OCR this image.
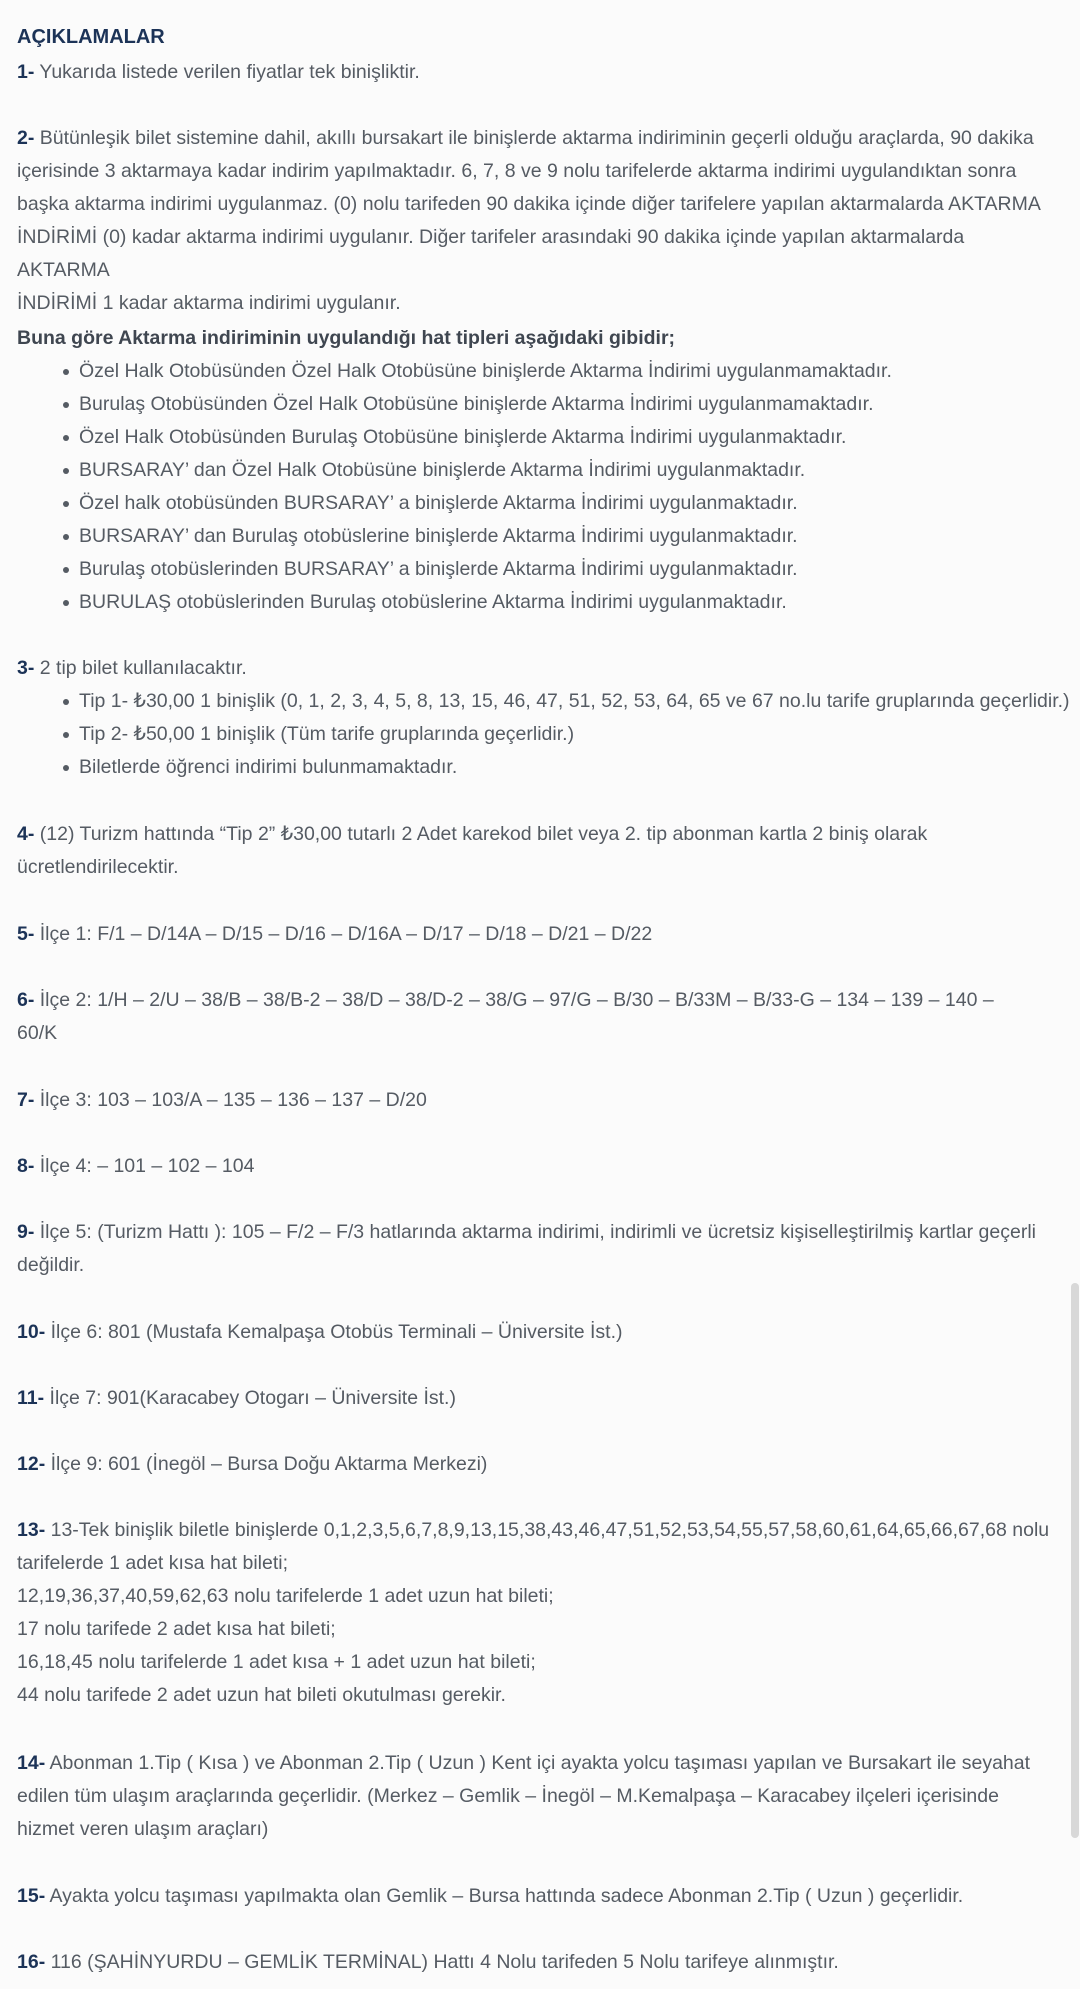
AÇIKLAMALAR
1- Yukarıda listede verilen fiyatlar tek binişliktir.
2- Bütünleşik bilet sistemine dahil, akıllı bursakart ile binişlerde aktarma indiriminin geçerli olduğu araçlarda, 90 dakika
içerisinde 3 aktarmaya kadar indirim yapılmaktadır. 6, 7, 8 ve 9 nolu tarifelerde aktarma indirimi uygulandıktan sonra
başka aktarma indirimi uygulanmaz. (0) nolu tarifeden 90 dakika içinde diğer tarifelere yapılan aktarmalarda AKTARMA
İNDİRİMİ (0) kadar aktarma indirimi uygulanır. Diğer tarifeler arasındaki 90 dakika içinde yapılan aktarmalarda AKTARMA
İNDİRİMİ 1 kadar aktarma indirimi uygulanır.
Buna göre Aktarma indiriminin uygulandığı hat tipleri aşağıdaki gibidir;
Özel Halk Otobüsünden Özel Halk Otobüsüne binişlerde Aktarma İndirimi uygulanmamaktadır.
Burulaş Otobüsünden Özel Halk Otobüsüne binişlerde Aktarma İndirimi uygulanmamaktadır.
Özel Halk Otobüsünden Burulaş Otobüsüne binişlerde Aktarma İndirimi uygulanmaktadır.
BURSARAY’ dan Özel Halk Otobüsüne binişlerde Aktarma İndirimi uygulanmaktadır.
Özel halk otobüsünden BURSARAY’ a binişlerde Aktarma İndirimi uygulanmaktadır.
BURSARAY’ dan Burulaş otobüslerine binişlerde Aktarma İndirimi uygulanmaktadır.
Burulaş otobüslerinden BURSARAY’ a binişlerde Aktarma İndirimi uygulanmaktadır.
BURULAŞ otobüslerinden Burulaş otobüslerine Aktarma İndirimi uygulanmaktadır.
3- 2 tip bilet kullanılacaktır.
Tip 1- ₺30,00 1 binişlik (0, 1, 2, 3, 4, 5, 8, 13, 15, 46, 47, 51, 52, 53, 64, 65 ve 67 no.lu tarife gruplarında geçerlidir.)
Tip 2- ₺50,00 1 binişlik (Tüm tarife gruplarında geçerlidir.)
Biletlerde öğrenci indirimi bulunmamaktadır.
4- (12) Turizm hattında “Tip 2” ₺30,00 tutarlı 2 Adet karekod bilet veya 2. tip abonman kartla 2 biniş olarak
ücretlendirilecektir.
5- İlçe 1: F/1 – D/14A – D/15 – D/16 – D/16A – D/17 – D/18 – D/21 – D/22
6- İlçe 2: 1/H – 2/U – 38/B – 38/B-2 – 38/D – 38/D-2 – 38/G – 97/G – B/30 – B/33M – B/33-G – 134 – 139 – 140 –
60/K
7- İlçe 3: 103 – 103/A – 135 – 136 – 137 – D/20
8- İlçe 4: – 101 – 102 – 104
9- İlçe 5: (Turizm Hattı ): 105 – F/2 – F/3 hatlarında aktarma indirimi, indirimli ve ücretsiz kişiselleştirilmiş kartlar geçerli
değildir.
10- İlçe 6: 801 (Mustafa Kemalpaşa Otobüs Terminali – Üniversite İst.)
11- İlçe 7: 901(Karacabey Otogarı – Üniversite İst.)
12- İlçe 9: 601 (İnegöl – Bursa Doğu Aktarma Merkezi)
13- 13-Tek binişlik biletle binişlerde 0,1,2,3,5,6,7,8,9,13,15,38,43,46,47,51,52,53,54,55,57,58,60,61,64,65,66,67,68 nolu
tarifelerde 1 adet kısa hat bileti;
12,19,36,37,40,59,62,63 nolu tarifelerde 1 adet uzun hat bileti;
17 nolu tarifede 2 adet kısa hat bileti;
16,18,45 nolu tarifelerde 1 adet kısa + 1 adet uzun hat bileti;
44 nolu tarifede 2 adet uzun hat bileti okutulması gerekir.
14- Abonman 1.Tip ( Kısa ) ve Abonman 2.Tip ( Uzun ) Kent içi ayakta yolcu taşıması yapılan ve Bursakart ile seyahat
edilen tüm ulaşım araçlarında geçerlidir. (Merkez – Gemlik – İnegöl – M.Kemalpaşa – Karacabey ilçeleri içerisinde
hizmet veren ulaşım araçları)
15- Ayakta yolcu taşıması yapılmakta olan Gemlik – Bursa hattında sadece Abonman 2.Tip ( Uzun ) geçerlidir.
16- 116 (ŞAHİNYURDU – GEMLİK TERMİNAL) Hattı 4 Nolu tarifeden 5 Nolu tarifeye alınmıştır.
